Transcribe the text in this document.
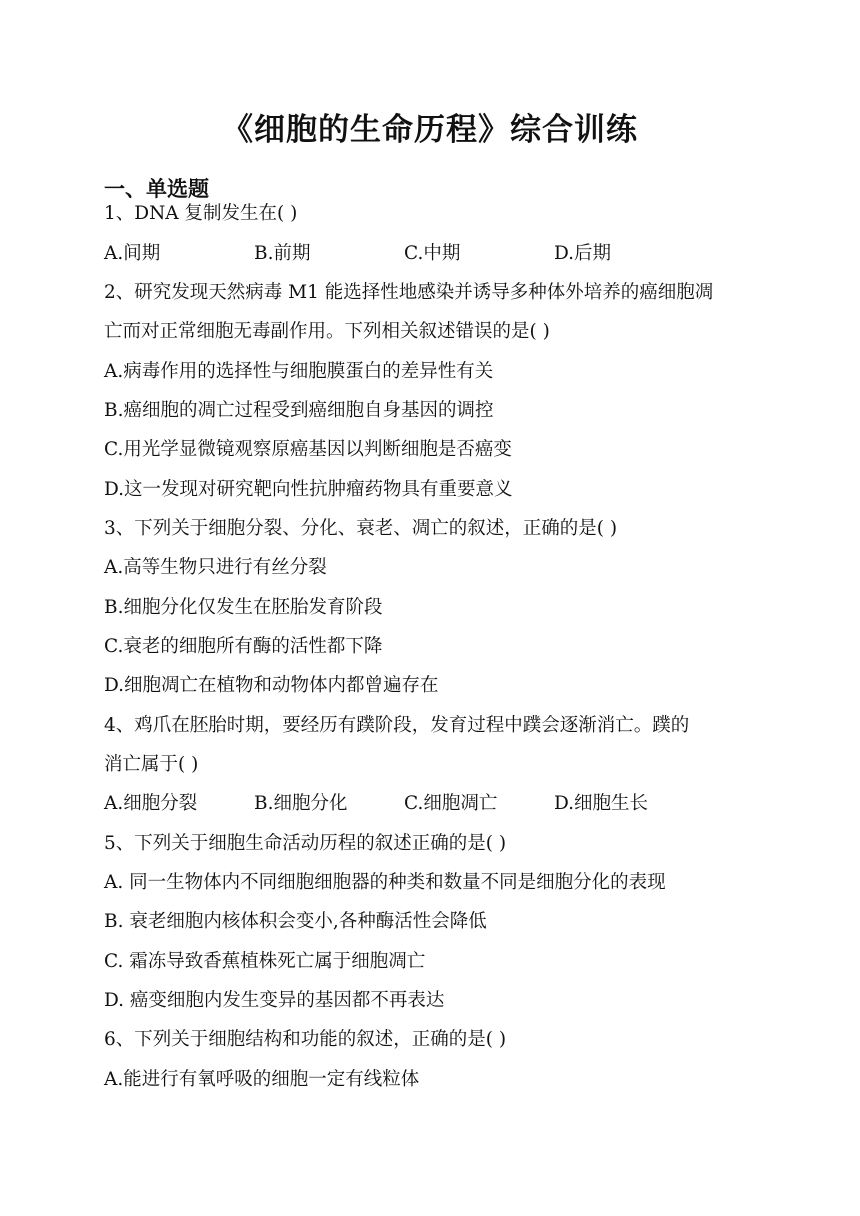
《细胞的生命历程》综合训练
一、单选题
1、DNA 复制发生在( )
A.间期	B.前期	C.中期	D.后期
2、研究发现天然病毒 M1 能选择性地感染并诱导多种体外培养的癌细胞凋
亡而对正常细胞无毒副作用。下列相关叙述错误的是( )
A.病毒作用的选择性与细胞膜蛋白的差异性有关
B.癌细胞的凋亡过程受到癌细胞自身基因的调控
C.用光学显微镜观察原癌基因以判断细胞是否癌变
D.这一发现对研究靶向性抗肿瘤药物具有重要意义
3、下列关于细胞分裂、分化、衰老、凋亡的叙述，正确的是( )
A.高等生物只进行有丝分裂
B.细胞分化仅发生在胚胎发育阶段
C.衰老的细胞所有酶的活性都下降
D.细胞凋亡在植物和动物体内都曾遍存在
4、鸡爪在胚胎时期，要经历有蹼阶段，发育过程中蹼会逐渐消亡。蹼的
消亡属于( )
A.细胞分裂	B.细胞分化	C.细胞凋亡	D.细胞生长
5、下列关于细胞生命活动历程的叙述正确的是( )
A. 同一生物体内不同细胞细胞器的种类和数量不同是细胞分化的表现
B. 衰老细胞内核体积会变小,各种酶活性会降低
C. 霜冻导致香蕉植株死亡属于细胞凋亡
D. 癌变细胞内发生变异的基因都不再表达
6、下列关于细胞结构和功能的叙述，正确的是( )
A.能进行有氧呼吸的细胞一定有线粒体
